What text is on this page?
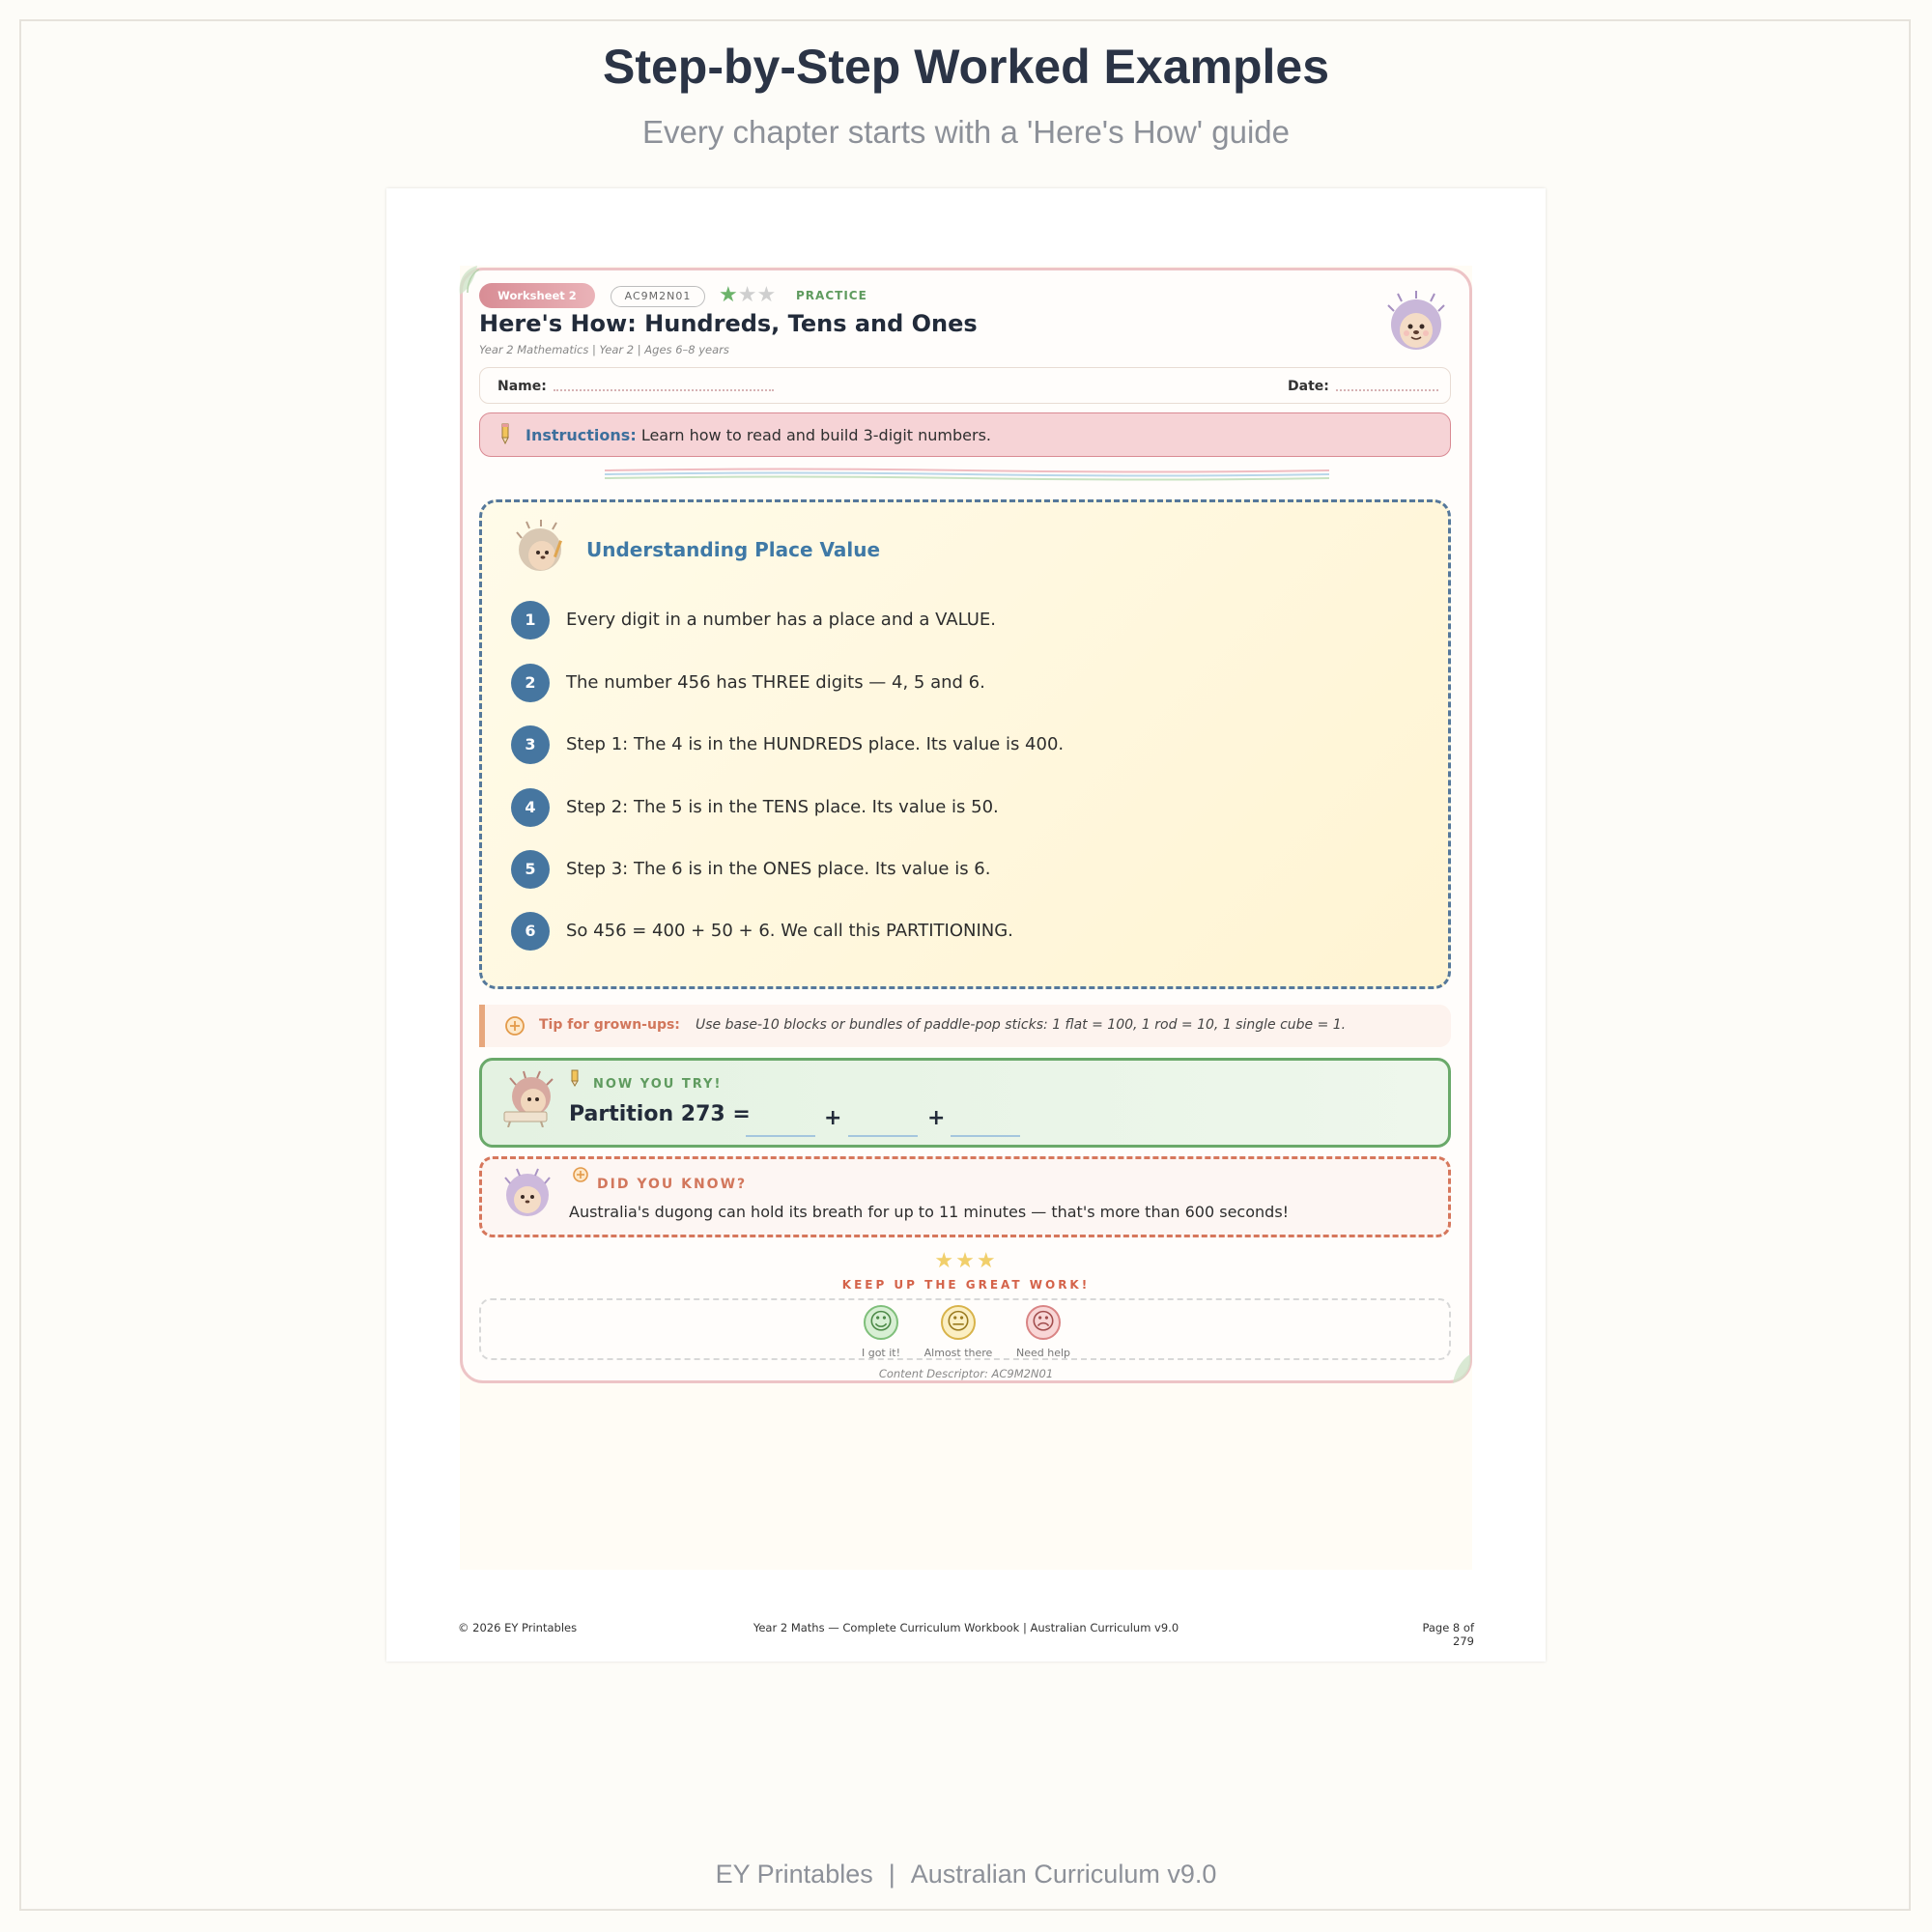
Step-by-Step Worked Examples
Every chapter starts with a 'Here's How' guide
Worksheet 2	AC9M2N01	★★★ PRACTICE
Here's How: Hundreds, Tens and Ones
Year 2 Mathematics | Year 2 | Ages 6–8 years
Name:	Date:
Instructions: Learn how to read and build 3-digit numbers.
Understanding Place Value
1	Every digit in a number has a place and a VALUE.
2	The number 456 has THREE digits — 4, 5 and 6.
3	Step 1: The 4 is in the HUNDREDS place. Its value is 400.
4	Step 2: The 5 is in the TENS place. Its value is 50.
5	Step 3: The 6 is in the ONES place. Its value is 6.
6	So 456 = 400 + 50 + 6. We call this PARTITIONING.
Tip for grown-ups: Use base-10 blocks or bundles of paddle-pop sticks: 1 flat = 100, 1 rod = 10, 1 single cube = 1.
NOW YOU TRY!
Partition 273 =	+	+
DID YOU KNOW?
Australia's dugong can hold its breath for up to 11 minutes — that's more than 600 seconds!
★★★
KEEP UP THE GREAT WORK!
☺
I got it!
😐
Almost there
☹
Need help
Content Descriptor: AC9M2N01
© 2026 EY Printables	Year 2 Maths — Complete Curriculum Workbook | Australian Curriculum v9.0	Page 8 of 279
EY Printables | Australian Curriculum v9.0
